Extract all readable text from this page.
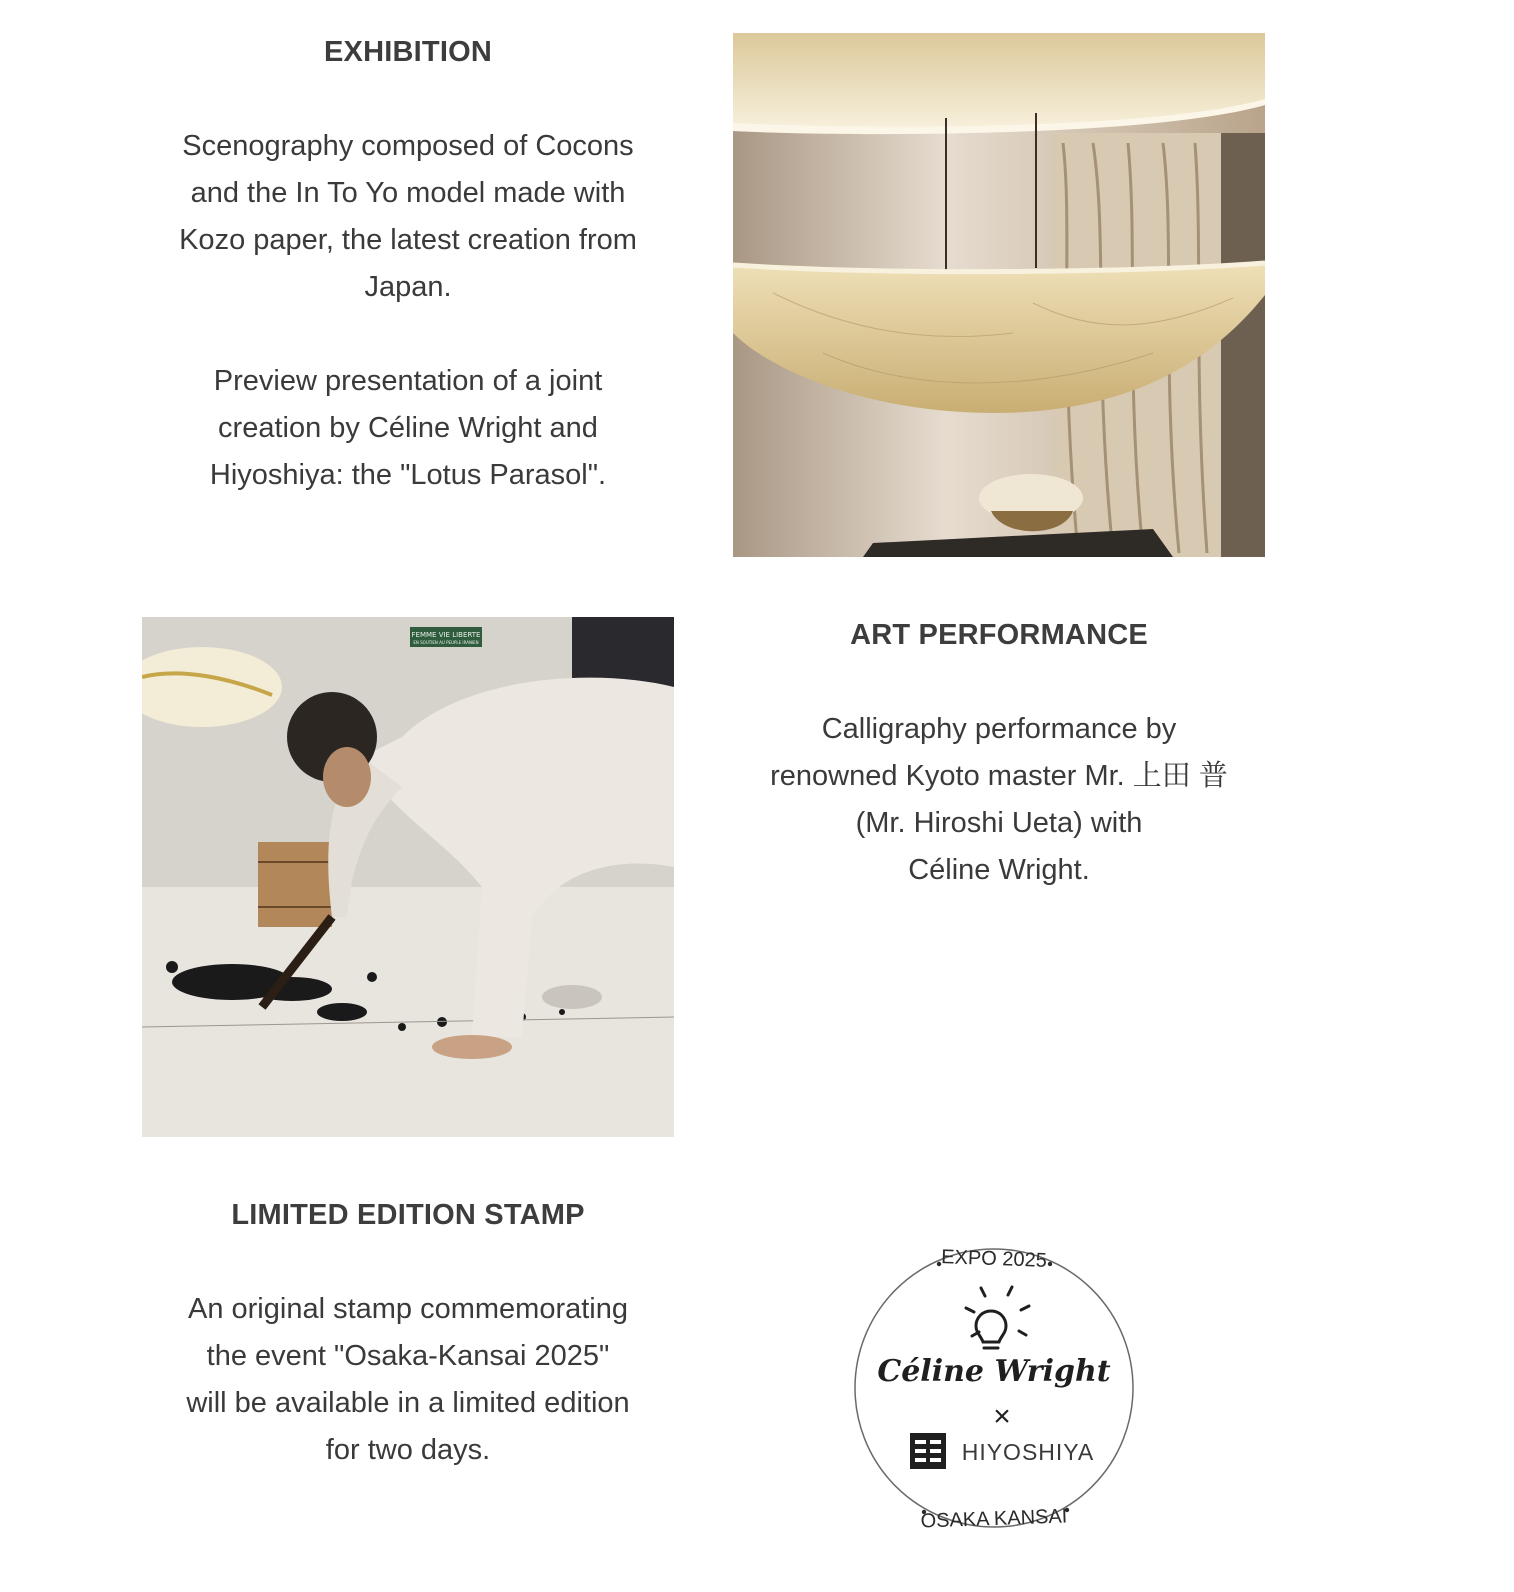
EXHIBITION

Scenography composed of Cocons
and the In To Yo model made with
Kozo paper, the latest creation from
Japan.

Preview presentation of a joint
creation by Céline Wright and
Hiyoshiya: the "Lotus Parasol".

FEMME VIE LIBERTE
EN SOUTIEN AU PEUPLE IRANIEN	ART PERFORMANCE

Calligraphy performance by
renowned Kyoto master Mr. 上田 普
(Mr. Hiroshi Ueta) with
Céline Wright.

LIMITED EDITION STAMP

An original stamp commemorating
the event "Osaka-Kansai 2025"
will be available in a limited edition
for two days.

EXPO 2025
OSAKA KANSAI
Céline Wright
×
HIYOSHIYA
